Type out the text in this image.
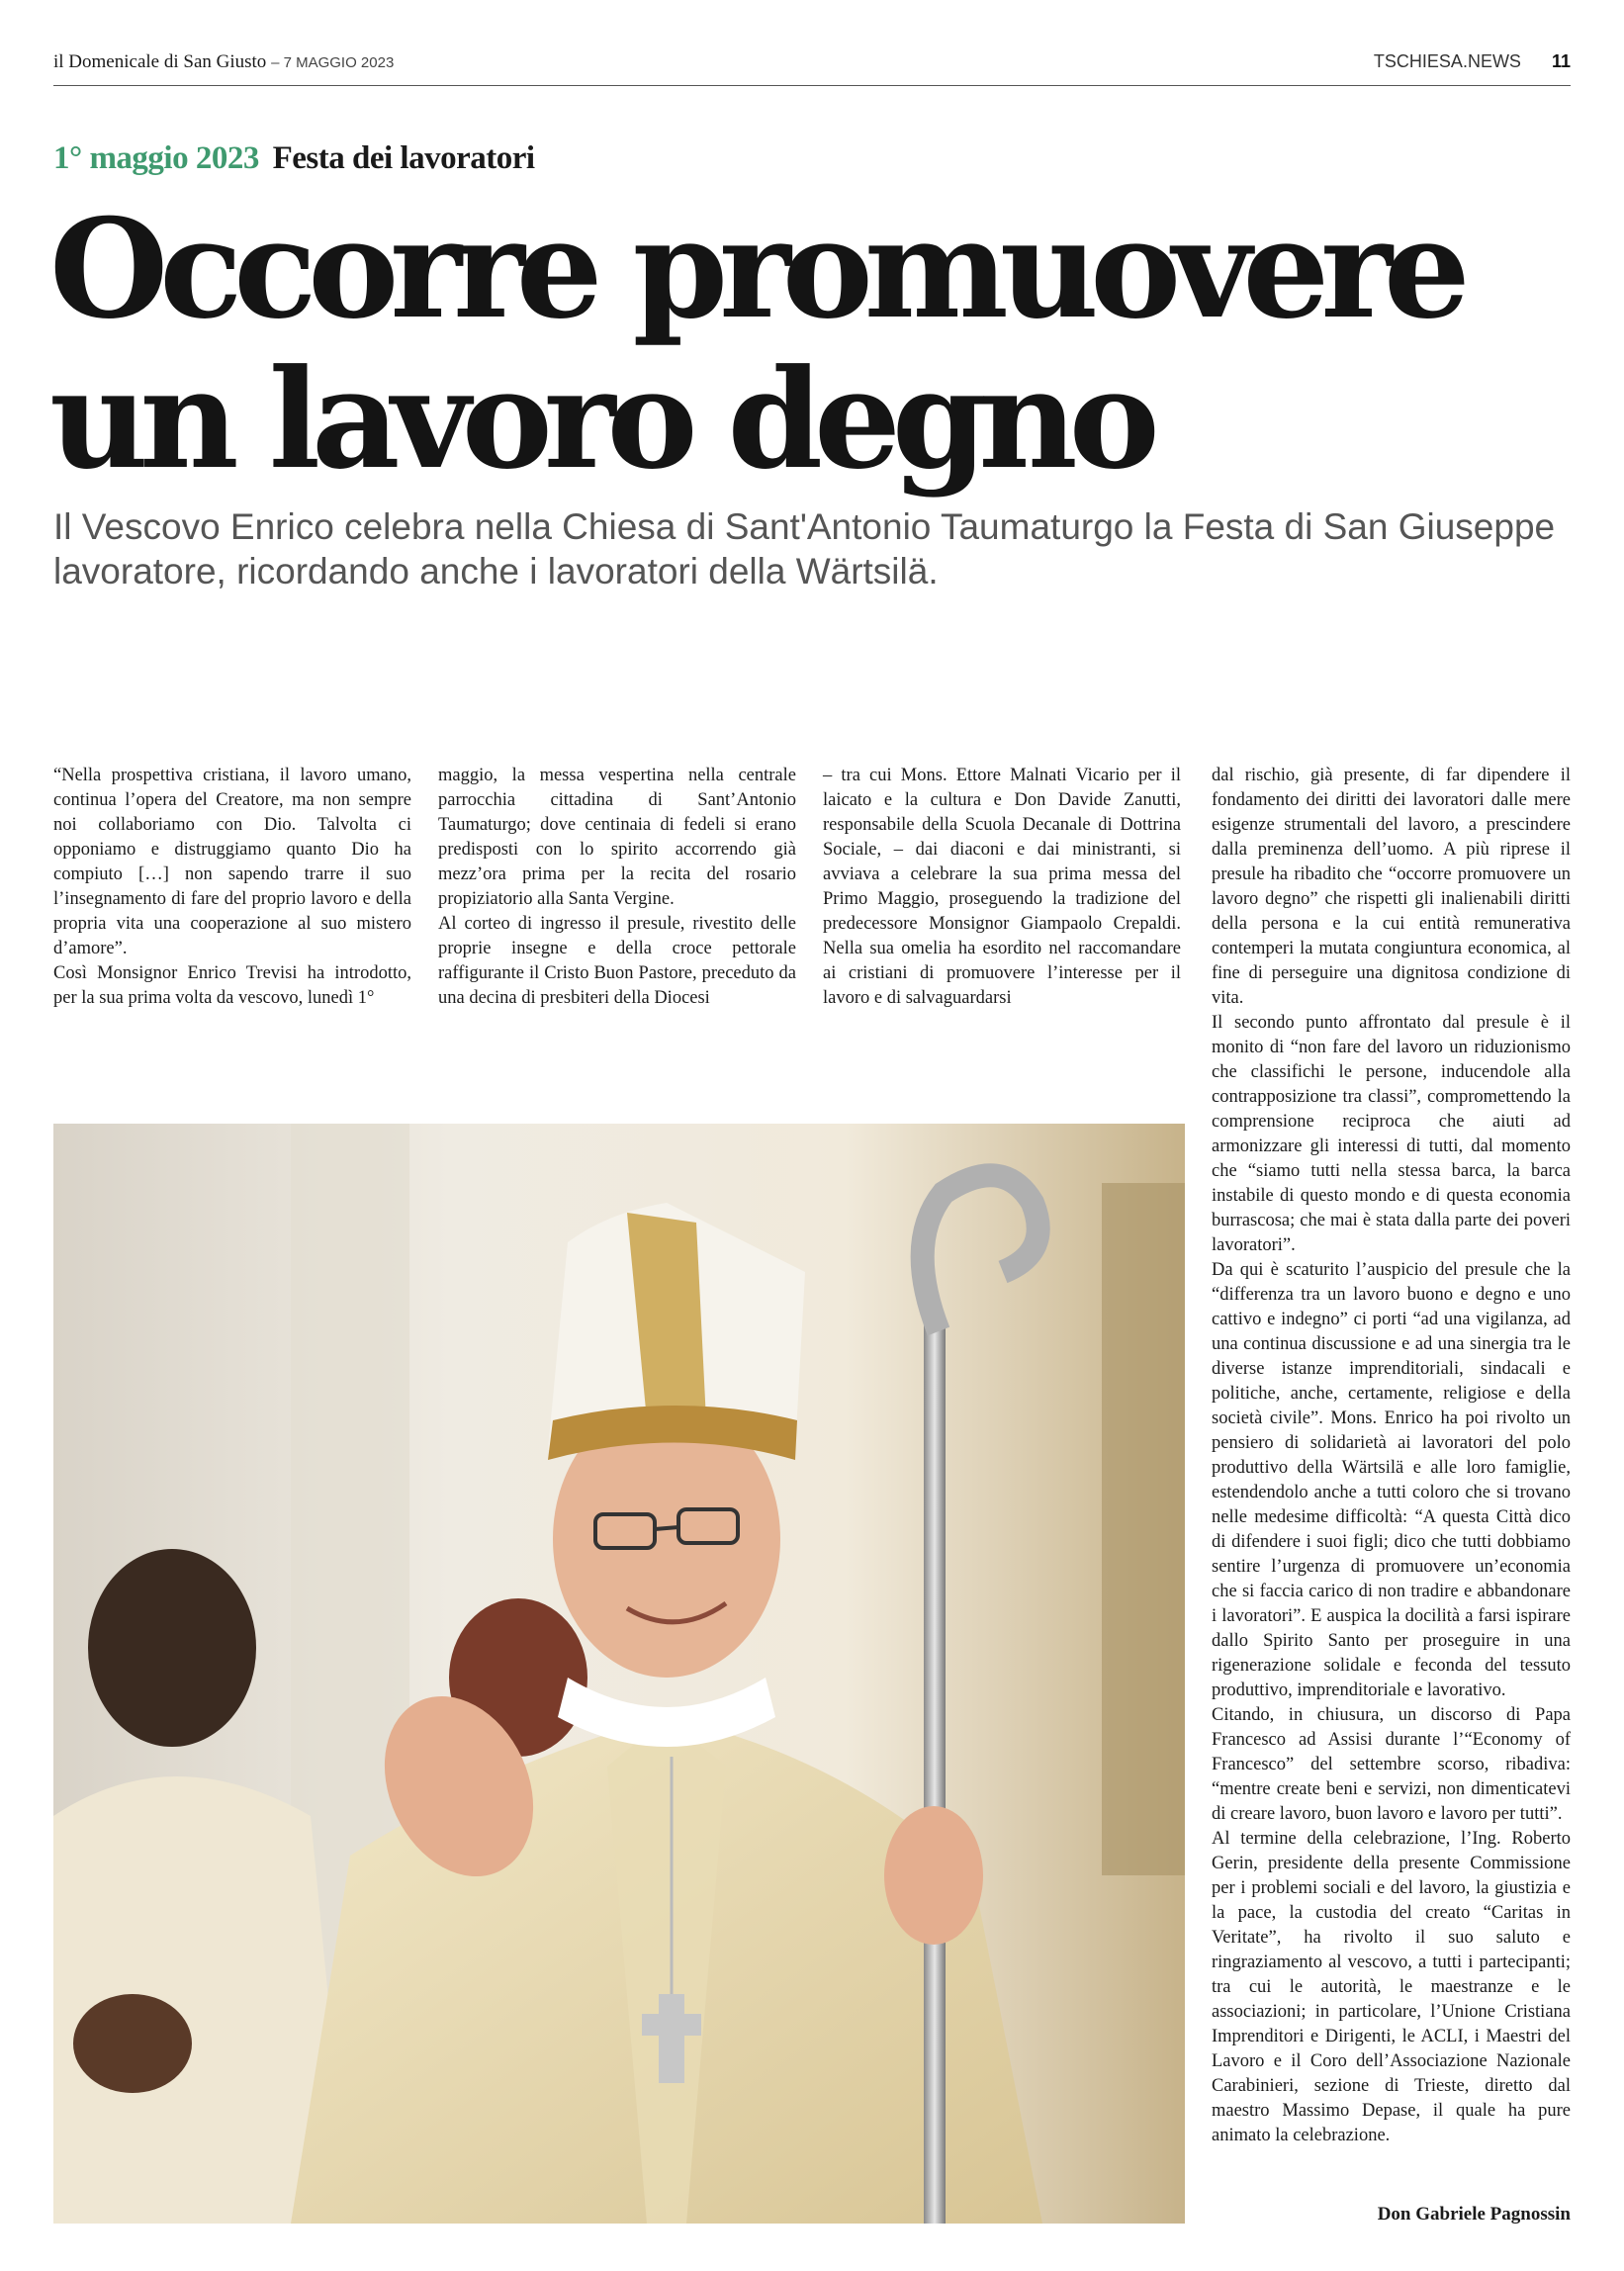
il Domenicale di San Giusto – 7 MAGGIO 2023	TSCHIESA.NEWS 11
1° maggio 2023 Festa dei lavoratori
Occorre promuovere
un lavoro degno
Il Vescovo Enrico celebra nella Chiesa di Sant'Antonio Taumaturgo la Festa di San Giuseppe lavoratore, ricordando anche i lavoratori della Wärtsilä.

“Nella prospettiva cristiana, il lavoro umano, continua l’opera del Creatore, ma non sempre noi collaboriamo con Dio. Talvolta ci opponiamo e distruggiamo quanto Dio ha compiuto […] non sapendo trarre il suo l’insegnamento di fare del proprio lavoro e della propria vita una cooperazione al suo mistero d’amore”.

Così Monsignor Enrico Trevisi ha introdotto, per la sua prima volta da vescovo, lunedì 1°

maggio, la messa vespertina nella centrale parrocchia cittadina di Sant’Antonio Taumaturgo; dove centinaia di fedeli si erano predisposti con lo spirito accorrendo già mezz’ora prima per la recita del rosario propiziatorio alla Santa Vergine.

Al corteo di ingresso il presule, rivestito delle proprie insegne e della croce pettorale raffigurante il Cristo Buon Pastore, preceduto da una decina di presbiteri della Diocesi

– tra cui Mons. Ettore Malnati Vicario per il laicato e la cultura e Don Davide Zanutti, responsabile della Scuola Decanale di Dottrina Sociale, – dai diaconi e dai ministranti, si avviava a celebrare la sua prima messa del Primo Maggio, proseguendo la tradizione del predecessore Monsignor Giampaolo Crepaldi. Nella sua omelia ha esordito nel raccomandare ai cristiani di promuovere l’interesse per il lavoro e di salvaguardarsi

dal rischio, già presente, di far dipendere il fondamento dei diritti dei lavoratori dalle mere esigenze strumentali del lavoro, a prescindere dalla preminenza dell’uomo. A più riprese il presule ha ribadito che “occorre promuovere un lavoro degno” che rispetti gli inalienabili diritti della persona e la cui entità remunerativa contemperi la mutata congiuntura economica, al fine di perseguire una dignitosa condizione di vita.

Il secondo punto affrontato dal presule è il monito di “non fare del lavoro un riduzionismo che classifichi le persone, inducendole alla contrapposizione tra classi”, compromettendo la comprensione reciproca che aiuti ad armonizzare gli interessi di tutti, dal momento che “siamo tutti nella stessa barca, la barca instabile di questo mondo e di questa economia burrascosa; che mai è stata dalla parte dei poveri lavoratori”.

Da qui è scaturito l’auspicio del presule che la “differenza tra un lavoro buono e degno e uno cattivo e indegno” ci porti “ad una vigilanza, ad una continua discussione e ad una sinergia tra le diverse istanze imprenditoriali, sindacali e politiche, anche, certamente, religiose e della società civile”. Mons. Enrico ha poi rivolto un pensiero di solidarietà ai lavoratori del polo produttivo della Wärtsilä e alle loro famiglie, estendendolo anche a tutti coloro che si trovano nelle medesime difficoltà: “A questa Città dico di difendere i suoi figli; dico che tutti dobbiamo sentire l’urgenza di promuovere un’economia che si faccia carico di non tradire e abbandonare i lavoratori”. E auspica la docilità a farsi ispirare dallo Spirito Santo per proseguire in una rigenerazione solidale e feconda del tessuto produttivo, imprenditoriale e lavorativo.

Citando, in chiusura, un discorso di Papa Francesco ad Assisi durante l’“Economy of Francesco” del settembre scorso, ribadiva: “mentre create beni e servizi, non dimenticatevi di creare lavoro, buon lavoro e lavoro per tutti”.

Al termine della celebrazione, l’Ing. Roberto Gerin, presidente della presente Commissione per i problemi sociali e del lavoro, la giustizia e la pace, la custodia del creato “Caritas in Veritate”, ha rivolto il suo saluto e ringraziamento al vescovo, a tutti i partecipanti; tra cui le autorità, le maestranze e le associazioni; in particolare, l’Unione Cristiana Imprenditori e Dirigenti, le ACLI, i Maestri del Lavoro e il Coro dell’Associazione Nazionale Carabinieri, sezione di Trieste, diretto dal maestro Massimo Depase, il quale ha pure animato la celebrazione.

Don Gabriele Pagnossin
